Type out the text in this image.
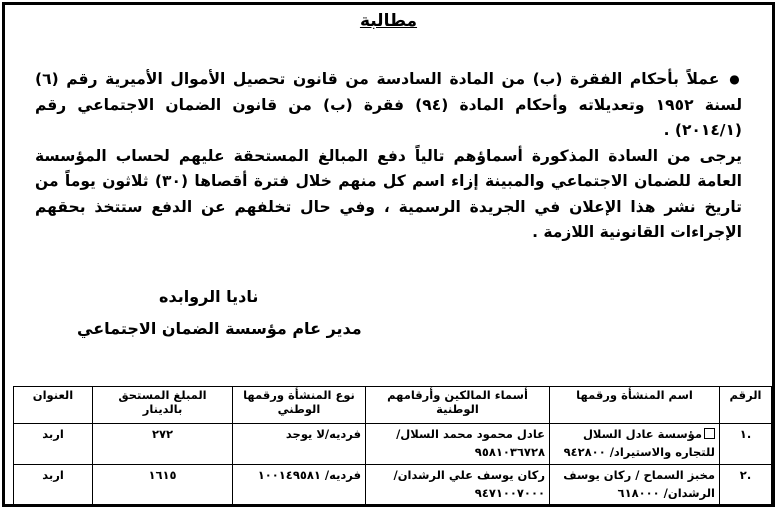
مطالبة
●عملاً بأحكام الفقرة (ب) من المادة السادسة من قانون تحصيل الأموال الأميرية رقم (٦) لسنة ١٩٥٢ وتعديلاته وأحكام المادة (٩٤) فقرة (ب) من قانون الضمان الاجتماعي رقم (٢٠١٤/١) .
يرجى من السادة المذكورة أسماؤهم تالياً دفع المبالغ المستحقة عليهم لحساب المؤسسة العامة للضمان الاجتماعي والمبينة إزاء اسم كل منهم خلال فترة أقصاها (٣٠) ثلاثون يوماً من تاريخ نشر هذا الإعلان في الجريدة الرسمية ، وفي حال تخلفهم عن الدفع ستتخذ بحقهم الإجراءات القانونية اللازمة .
ناديا الروابده
مدير عام مؤسسة الضمان الاجتماعي
الرقم	اسم المنشأة ورقمها	أسماء المالكين وأرقامهم الوطنية	نوع المنشأة ورقمها الوطني	المبلغ المستحق بالدينار	العنوان
.١	مؤسسة عادل السلال للتجاره والاستيراد/ ٩٤٢٨٠٠	عادل محمود محمد السلال/ ٩٥٨١٠٣٦٧٢٨	فرديه/لا يوجد	٢٧٢	اربد
.٢	مخبز السماح / ركان يوسف الرشدان/ ٦١٨٠٠٠	ركان يوسف علي الرشدان/ ٩٤٧١٠٠٧٠٠٠	فرديه/ ١٠٠١٤٩٥٨١	١٦١٥	اربد
